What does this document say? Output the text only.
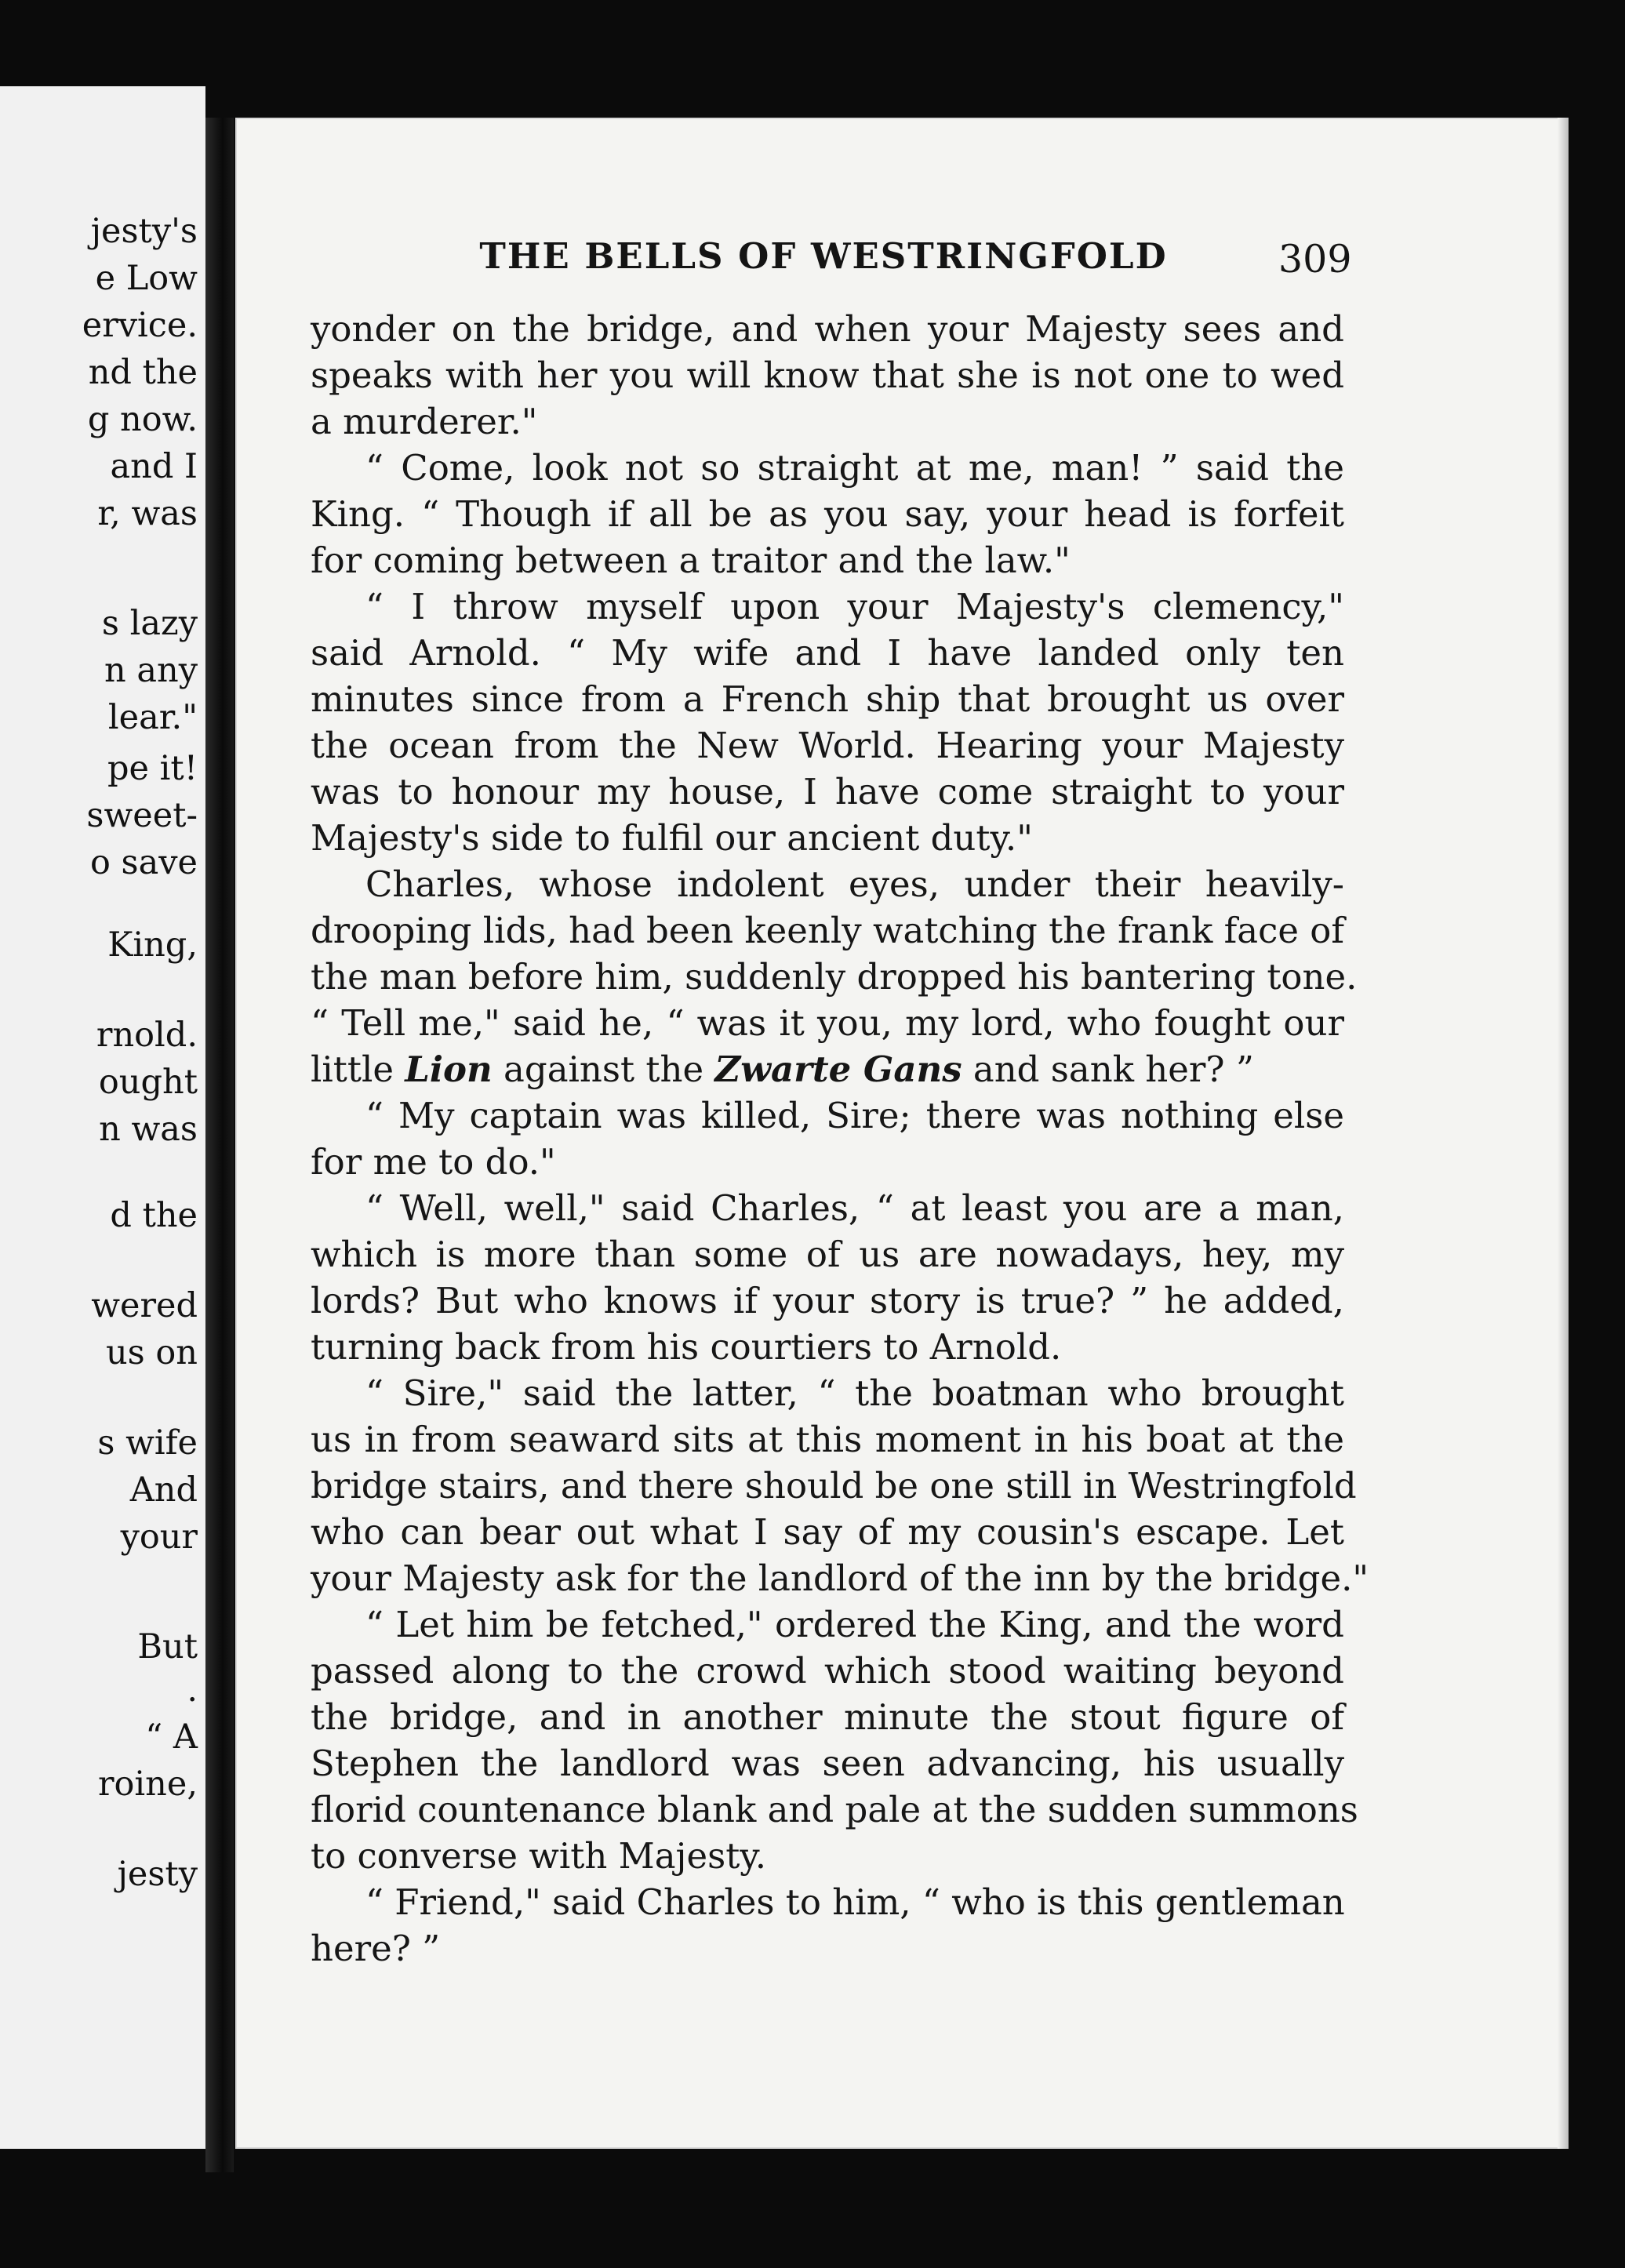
jesty's
e Low
ervice.
nd the
g now.
and I
r, was
s lazy
n any
lear."
pe it!
sweet-
o save
King,
rnold.
ought
n was
d the
wered
us on
s wife
And
your
But
.
“ A
roine,
jesty
THE BELLS OF WESTRINGFOLD	309
yonder on the bridge, and when your Majesty sees and
speaks with her you will know that she is not one to wed
a murderer."
“ Come, look not so straight at me, man! ” said the
King. “ Though if all be as you say, your head is forfeit
for coming between a traitor and the law."
“ I throw myself upon your Majesty's clemency,"
said Arnold. “ My wife and I have landed only ten
minutes since from a French ship that brought us over
the ocean from the New World. Hearing your Majesty
was to honour my house, I have come straight to your
Majesty's side to fulfil our ancient duty."
Charles, whose indolent eyes, under their heavily-
drooping lids, had been keenly watching the frank face of
the man before him, suddenly dropped his bantering tone.
“ Tell me," said he, “ was it you, my lord, who fought our
little Lion against the Zwarte Gans and sank her? ”
“ My captain was killed, Sire; there was nothing else
for me to do."
“ Well, well," said Charles, “ at least you are a man,
which is more than some of us are nowadays, hey, my
lords? But who knows if your story is true? ” he added,
turning back from his courtiers to Arnold.
“ Sire," said the latter, “ the boatman who brought
us in from seaward sits at this moment in his boat at the
bridge stairs, and there should be one still in Westringfold
who can bear out what I say of my cousin's escape. Let
your Majesty ask for the landlord of the inn by the bridge."
“ Let him be fetched," ordered the King, and the word
passed along to the crowd which stood waiting beyond
the bridge, and in another minute the stout figure of
Stephen the landlord was seen advancing, his usually
florid countenance blank and pale at the sudden summons
to converse with Majesty.
“ Friend," said Charles to him, “ who is this gentleman
here? ”
